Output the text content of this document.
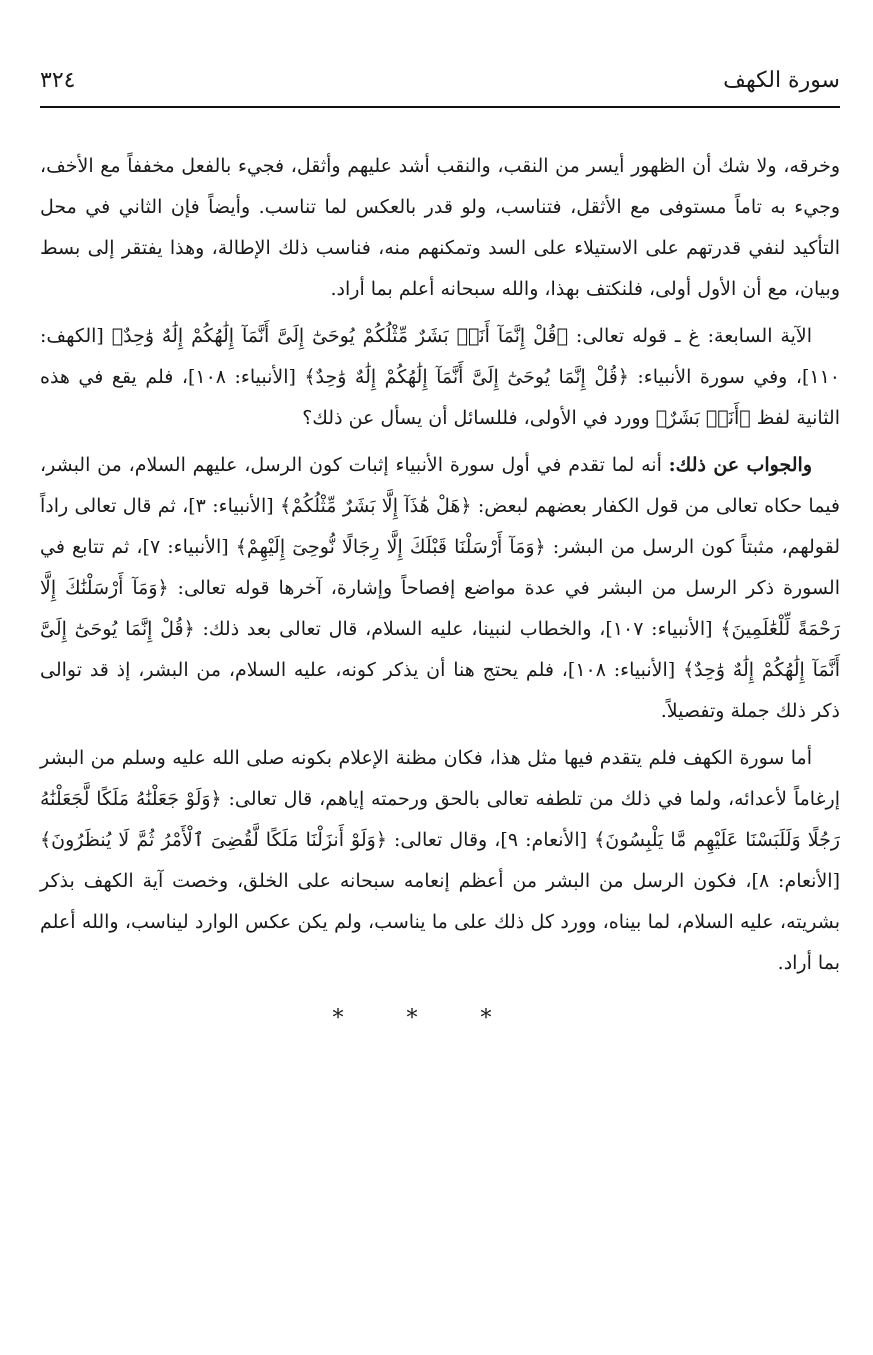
سورة الكهف
٣٢٤

وخرقه، ولا شك أن الظهور أيسر من النقب، والنقب أشد عليهم وأثقل، فجيء بالفعل مخففاً مع الأخف، وجيء به تاماً مستوفى مع الأثقل، فتناسب، ولو قدر بالعكس لما تناسب. وأيضاً فإن الثاني في محل التأكيد لنفي قدرتهم على الاستيلاء على السد وتمكنهم منه، فناسب ذلك الإطالة، وهذا يفتقر إلى بسط وبيان، مع أن الأول أولى، فلنكتف بهذا، والله سبحانه أعلم بما أراد.

الآية السابعة: غ ـ قوله تعالى: ﴿قُلْ إِنَّمَآ أَنَا۠ بَشَرٌ مِّثْلُكُمْ يُوحَىٰٓ إِلَىَّ أَنَّمَآ إِلَٰهُكُمْ إِلَٰهٌ وَٰحِدٌ﴾ [الكهف: ١١٠]، وفي سورة الأنبياء: ﴿قُلْ إِنَّمَا يُوحَىٰٓ إِلَىَّ أَنَّمَآ إِلَٰهُكُمْ إِلَٰهٌ وَٰحِدٌ﴾ [الأنبياء: ١٠٨]، فلم يقع في هذه الثانية لفظ ﴿أَنَا۠ بَشَرٌ﴾ وورد في الأولى، فللسائل أن يسأل عن ذلك؟

والجواب عن ذلك: أنه لما تقدم في أول سورة الأنبياء إثبات كون الرسل، عليهم السلام، من البشر، فيما حكاه تعالى من قول الكفار بعضهم لبعض: ﴿هَلْ هَٰذَآ إِلَّا بَشَرٌ مِّثْلُكُمْ﴾ [الأنبياء: ٣]، ثم قال تعالى راداً لقولهم، مثبتاً كون الرسل من البشر: ﴿وَمَآ أَرْسَلْنَا قَبْلَكَ إِلَّا رِجَالًا نُّوحِىٓ إِلَيْهِمْ﴾ [الأنبياء: ٧]، ثم تتابع في السورة ذكر الرسل من البشر في عدة مواضع إفصاحاً وإشارة، آخرها قوله تعالى: ﴿وَمَآ أَرْسَلْنَٰكَ إِلَّا رَحْمَةً لِّلْعَٰلَمِينَ﴾ [الأنبياء: ١٠٧]، والخطاب لنبينا، عليه السلام، قال تعالى بعد ذلك: ﴿قُلْ إِنَّمَا يُوحَىٰٓ إِلَىَّ أَنَّمَآ إِلَٰهُكُمْ إِلَٰهٌ وَٰحِدٌ﴾ [الأنبياء: ١٠٨]، فلم يحتج هنا أن يذكر كونه، عليه السلام، من البشر، إذ قد توالى ذكر ذلك جملة وتفصيلاً.

أما سورة الكهف فلم يتقدم فيها مثل هذا، فكان مظنة الإعلام بكونه صلى الله عليه وسلم من البشر إرغاماً لأعدائه، ولما في ذلك من تلطفه تعالى بالحق ورحمته إياهم، قال تعالى: ﴿وَلَوْ جَعَلْنَٰهُ مَلَكًا لَّجَعَلْنَٰهُ رَجُلًا وَلَلَبَسْنَا عَلَيْهِم مَّا يَلْبِسُونَ﴾ [الأنعام: ٩]، وقال تعالى: ﴿وَلَوْ أَنزَلْنَا مَلَكًا لَّقُضِىَ ٱلْأَمْرُ ثُمَّ لَا يُنظَرُونَ﴾ [الأنعام: ٨]، فكون الرسل من البشر من أعظم إنعامه سبحانه على الخلق، وخصت آية الكهف بذكر بشريته، عليه السلام، لما بيناه، وورد كل ذلك على ما يناسب، ولم يكن عكس الوارد ليناسب، والله أعلم بما أراد.

* * *
